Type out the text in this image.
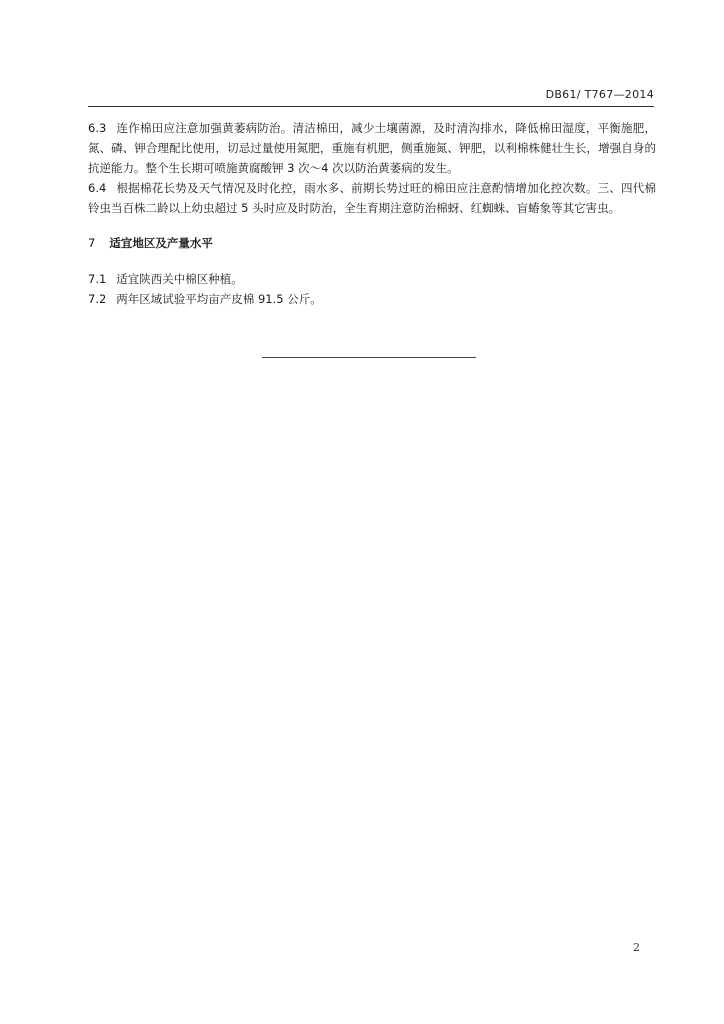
DB61/ T767—2014

6.3 连作棉田应注意加强黄萎病防治。清洁棉田，减少土壤菌源，及时清沟排水，降低棉田湿度，平衡施肥，氮、磷、钾合理配比使用，切忌过量使用氮肥，重施有机肥，侧重施氮、钾肥，以利棉株健壮生长，增强自身的抗逆能力。整个生长期可喷施黄腐酸钾 3 次～4 次以防治黄萎病的发生。

6.4 根据棉花长势及天气情况及时化控，雨水多、前期长势过旺的棉田应注意酌情增加化控次数。三、四代棉铃虫当百株二龄以上幼虫超过 5 头时应及时防治，全生育期注意防治棉蚜、红蜘蛛、盲蝽象等其它害虫。

7 适宜地区及产量水平

7.1 适宜陕西关中棉区种植。

7.2 两年区域试验平均亩产皮棉 91.5 公斤。

2
